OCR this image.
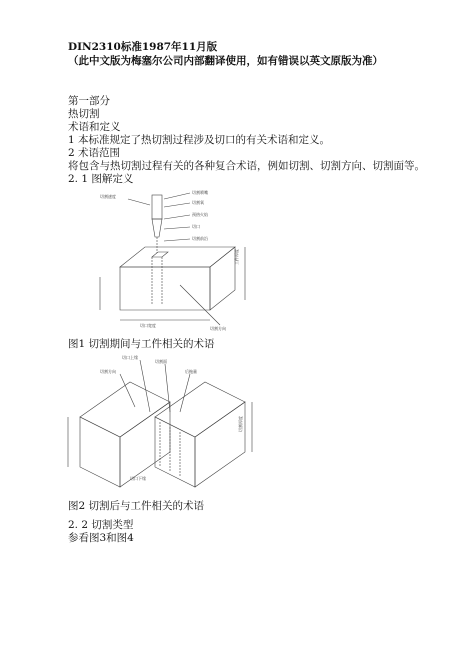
DIN2310标准1987年11月版
（此中文版为梅塞尔公司内部翻译使用，如有错误以英文原版为准）
第一部分
热切割
术语和定义
1 本标准规定了热切割过程涉及切口的有关术语和定义。
2 术语范围
将包含与热切割过程有关的各种复合术语，例如切割、切割方向、切割面等。
2. 1 图解定义
切割喷嘴
切割氧
预热火焰
切口
切割前沿
切割速度
工件厚度
切口宽度
切割方向
图1 切割期间与工件相关的术语
切口上缘
切割面
切割方向	后拖量
切割厚度
切口下缘
图2 切割后与工件相关的术语
2. 2 切割类型
参看图3和图4
